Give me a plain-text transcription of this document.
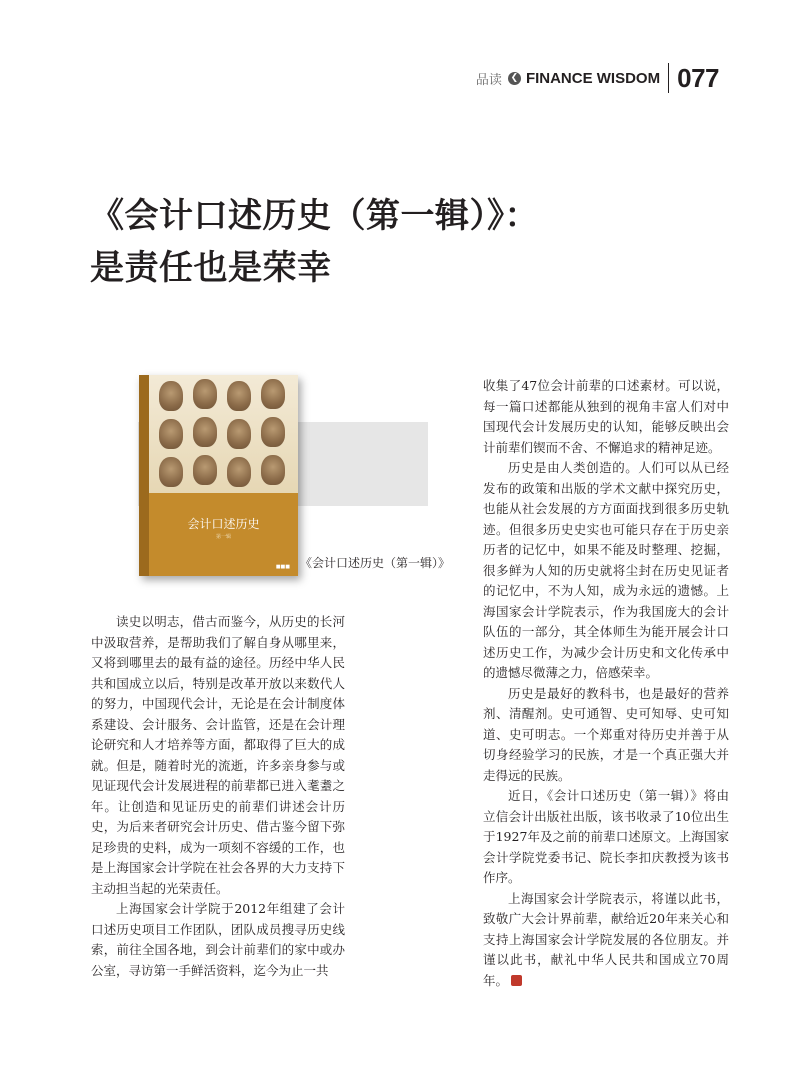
品读 ❮ FINANCE WISDOM 077
《会计口述历史（第一辑）》：
是责任也是荣幸
会计口述历史
第一辑
■■■ 《会计口述历史（第一辑）》

读史以明志，借古而鉴今，从历史的长河中汲取营养，是帮助我们了解自身从哪里来，又将到哪里去的最有益的途径。历经中华人民共和国成立以后，特别是改革开放以来数代人的努力，中国现代会计，无论是在会计制度体系建设、会计服务、会计监管，还是在会计理论研究和人才培养等方面，都取得了巨大的成就。但是，随着时光的流逝，许多亲身参与或见证现代会计发展进程的前辈都已进入耄耋之年。让创造和见证历史的前辈们讲述会计历史，为后来者研究会计历史、借古鉴今留下弥足珍贵的史料，成为一项刻不容缓的工作，也是上海国家会计学院在社会各界的大力支持下主动担当起的光荣责任。

上海国家会计学院于2012年组建了会计口述历史项目工作团队，团队成员搜寻历史线索，前往全国各地，到会计前辈们的家中或办公室，寻访第一手鲜活资料，迄今为止一共

收集了47位会计前辈的口述素材。可以说，每一篇口述都能从独到的视角丰富人们对中国现代会计发展历史的认知，能够反映出会计前辈们锲而不舍、不懈追求的精神足迹。

历史是由人类创造的。人们可以从已经发布的政策和出版的学术文献中探究历史，也能从社会发展的方方面面找到很多历史轨迹。但很多历史史实也可能只存在于历史亲历者的记忆中，如果不能及时整理、挖掘，很多鲜为人知的历史就将尘封在历史见证者的记忆中，不为人知，成为永远的遗憾。上海国家会计学院表示，作为我国庞大的会计队伍的一部分，其全体师生为能开展会计口述历史工作，为减少会计历史和文化传承中的遗憾尽微薄之力，倍感荣幸。

历史是最好的教科书，也是最好的营养剂、清醒剂。史可通智、史可知辱、史可知道、史可明志。一个郑重对待历史并善于从切身经验学习的民族，才是一个真正强大并走得远的民族。

近日，《会计口述历史（第一辑）》将由立信会计出版社出版，该书收录了10位出生于1927年及之前的前辈口述原文。上海国家会计学院党委书记、院长李扣庆教授为该书作序。

上海国家会计学院表示，将谨以此书，致敬广大会计界前辈，献给近20年来关心和支持上海国家会计学院发展的各位朋友。并谨以此书，献礼中华人民共和国成立70周年。
